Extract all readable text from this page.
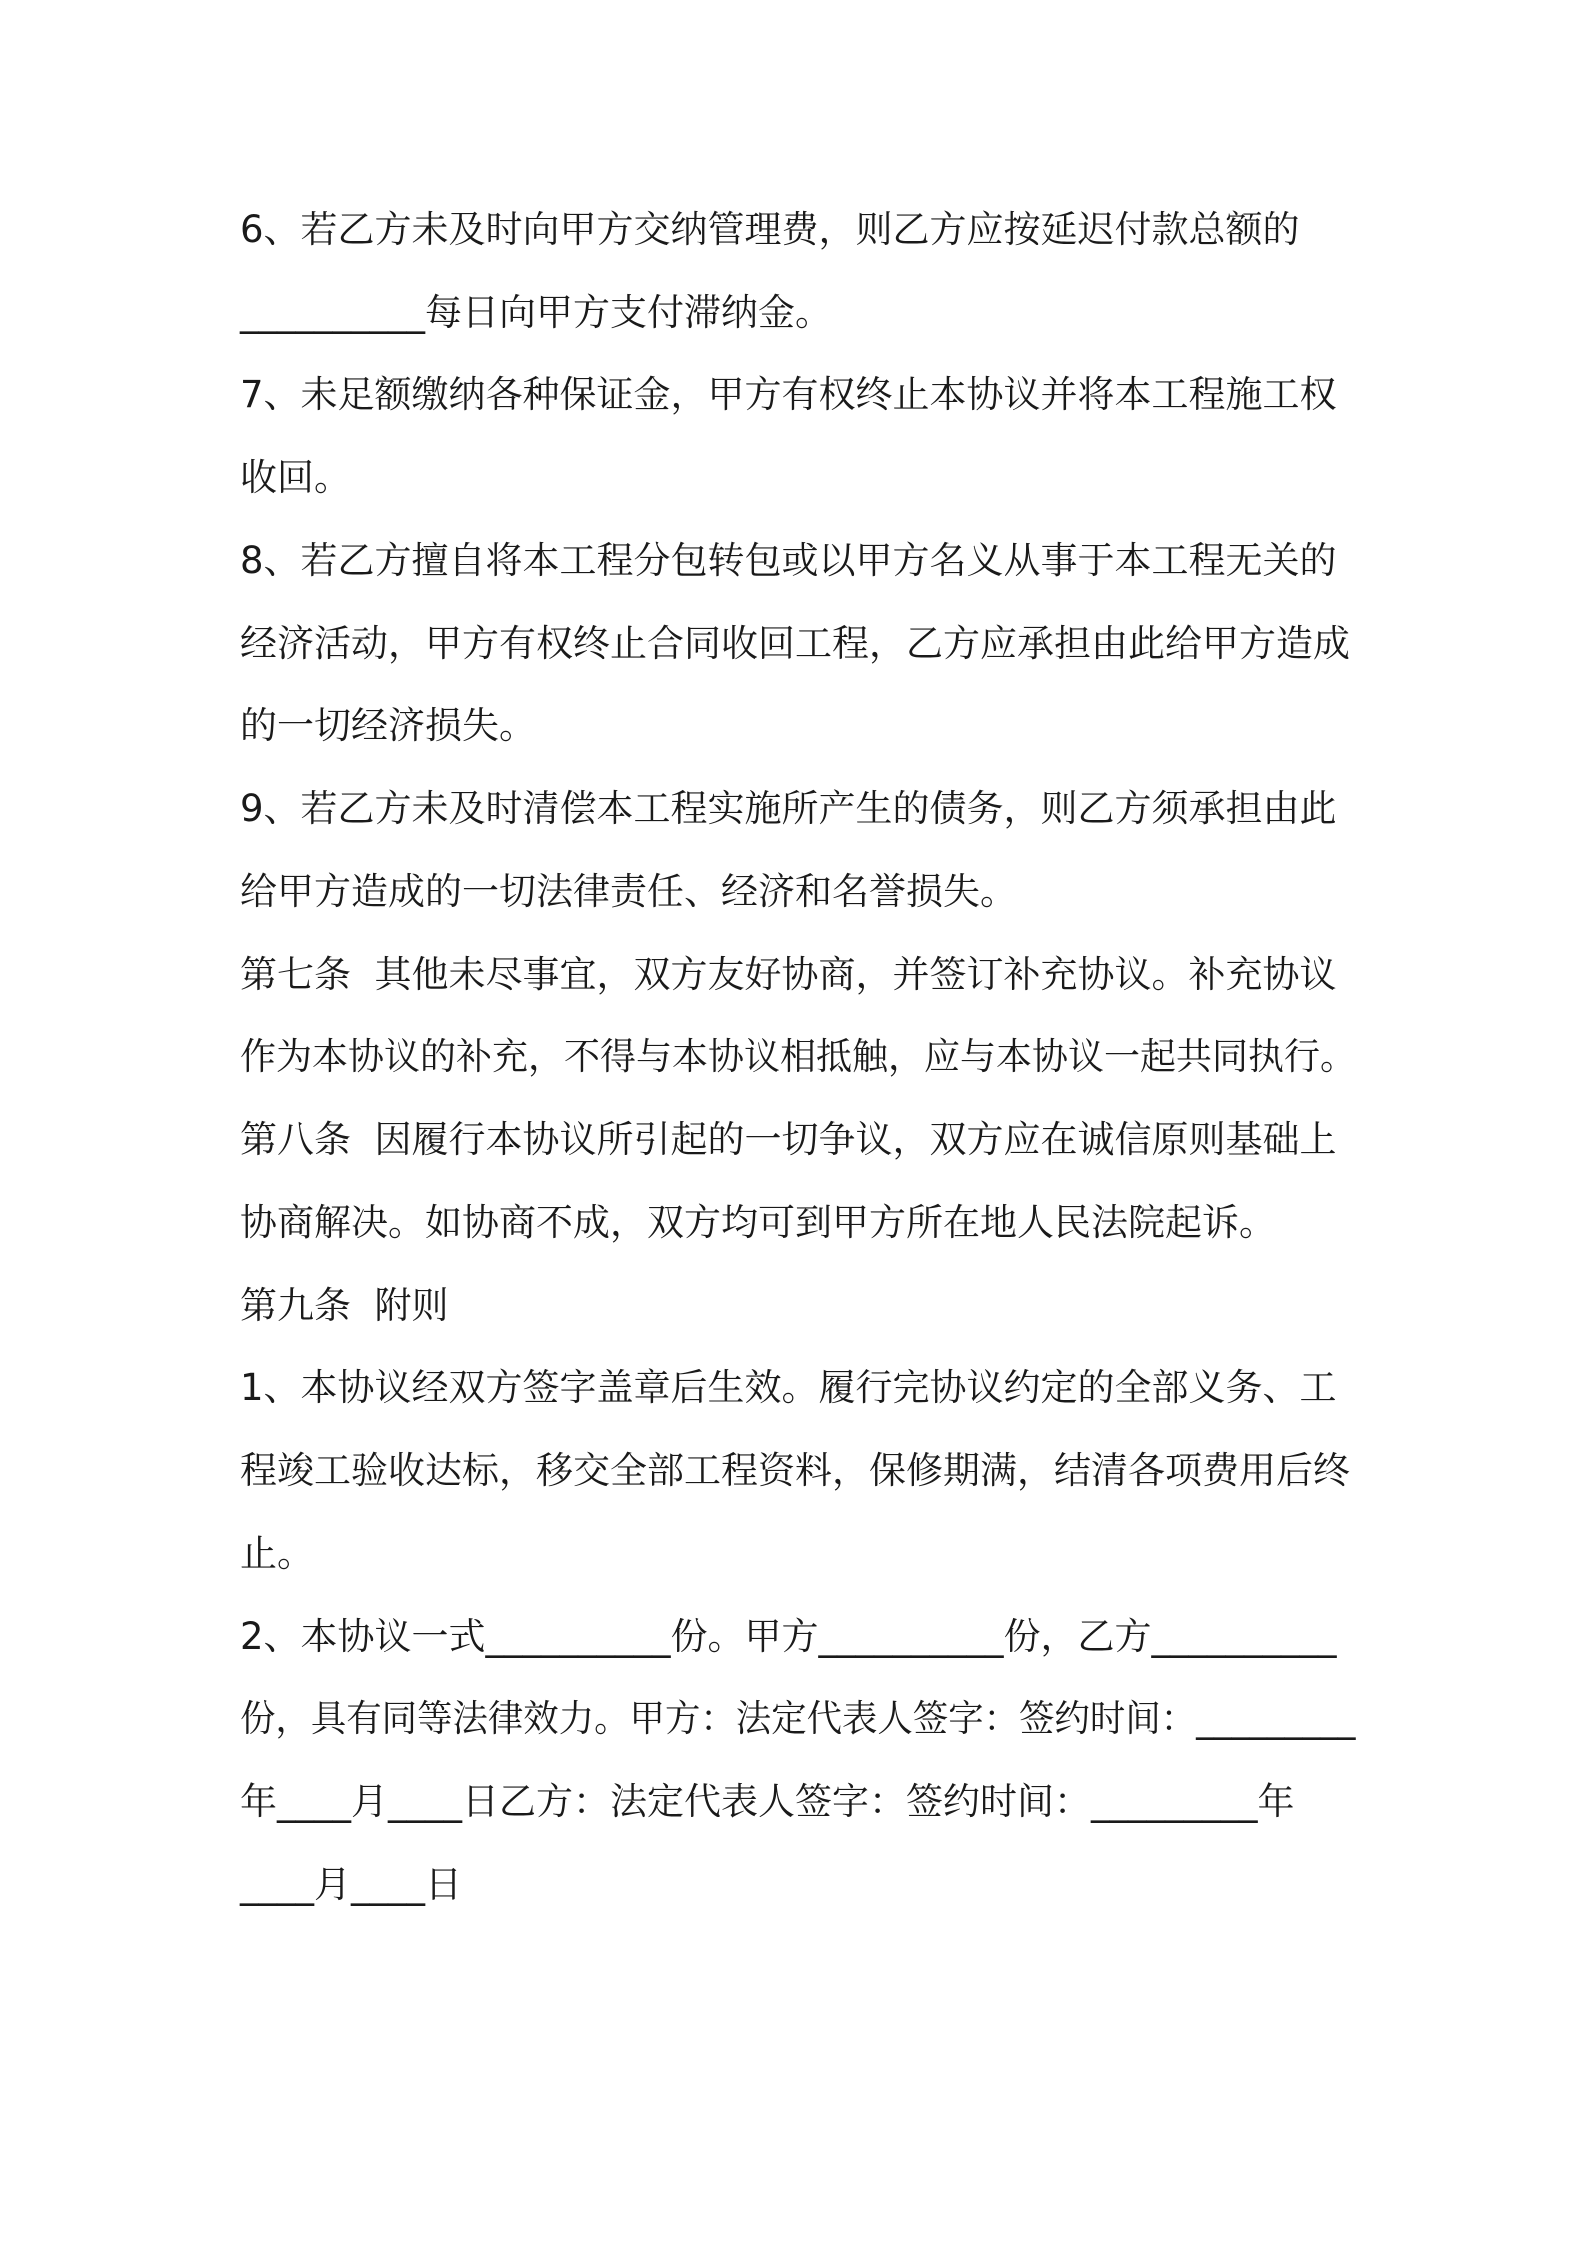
6、若乙方未及时向甲方交纳管理费，则乙方应按延迟付款总额的
__________每日向甲方支付滞纳金。
7、未足额缴纳各种保证金，甲方有权终止本协议并将本工程施工权
收回。
8、若乙方擅自将本工程分包转包或以甲方名义从事于本工程无关的
经济活动，甲方有权终止合同收回工程，乙方应承担由此给甲方造成
的一切经济损失。
9、若乙方未及时清偿本工程实施所产生的债务，则乙方须承担由此
给甲方造成的一切法律责任、经济和名誉损失。
第七条  其他未尽事宜，双方友好协商，并签订补充协议。补充协议
作为本协议的补充，不得与本协议相抵触，应与本协议一起共同执行。
第八条  因履行本协议所引起的一切争议，双方应在诚信原则基础上
协商解决。如协商不成，双方均可到甲方所在地人民法院起诉。
第九条  附则
1、本协议经双方签字盖章后生效。履行完协议约定的全部义务、工
程竣工验收达标，移交全部工程资料，保修期满，结清各项费用后终
止。
2、本协议一式__________份。甲方__________份，乙方__________
份，具有同等法律效力。甲方：法定代表人签字：签约时间：_________
年____月____日乙方：法定代表人签字：签约时间：_________年
____月____日
